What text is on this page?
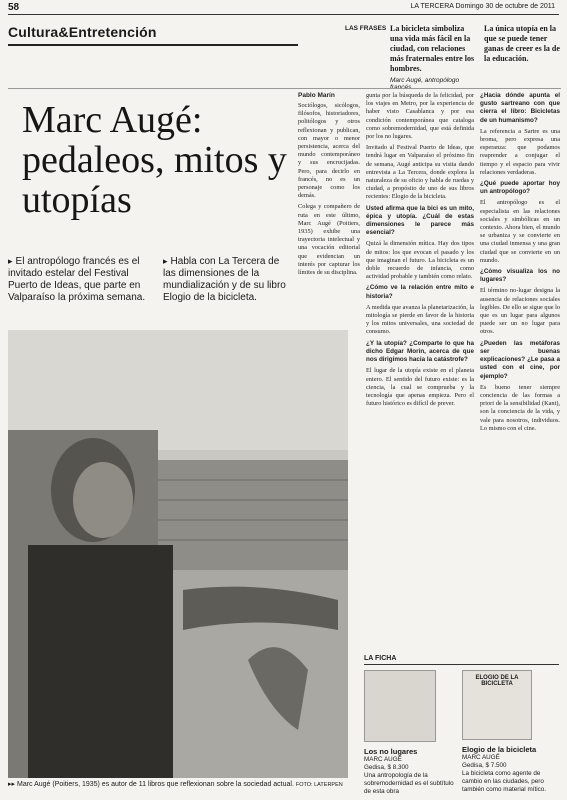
58	LA TERCERA Domingo 30 de octubre de 2011
Cultura&Entretención	LAS FRASES La bicicleta simboliza una vida más fácil en la ciudad, con relaciones más fraternales entre los hombres.
Marc Augé, antropólogo francés
La única utopía en la que se puede tener ganas de creer es la de la educación.
Marc Augé: pedaleos, mitos y utopías
▸ El antropólogo francés es el invitado estelar del Festival Puerto de Ideas, que parte en Valparaíso la próxima semana.
▸ Habla con La Tercera de las dimensiones de la mundialización y de su libro Elogio de la bicicleta.
Pablo Marín

Sociólogos, sicólogos, filósofos, historiadores, politólogos y otros reflexionan y publican, con mayor o menor persistencia, acerca del mundo contemporáneo y sus encrucijadas. Pero, para decirlo en francés, no es un personaje como los demás.

Colega y compañero de ruta en este último, Marc Augé (Poitiers, 1935) exhibe una trayectoria intelectual y una vocación editorial que evidencian un interés por capturar los límites de su disciplina.

gunta por la búsqueda de la felicidad, por los viajes en Metro, por la experiencia de haber visto Casablanca y por esa condición contemporánea que cataloga como sobremodernidad, que está definida por los no lugares.

Invitado al Festival Puerto de Ideas, que tendrá lugar en Valparaíso el próximo fin de semana, Augé anticipa su visita dando entrevista a La Tercera, donde explora la naturaleza de su oficio y habla de ruedas y ciudad, a propósito de uno de sus libros recientes: Elogio de la bicicleta.

Usted afirma que la bici es un mito, épica y utopía. ¿Cuál de estas dimensiones le parece más esencial?

Quizá la dimensión mítica. Hay dos tipos de mitos: los que evocan el pasado y los que imaginan el futuro. La bicicleta es un doble recuerdo de infancia, como actividad probable y también como relato.

¿Cómo ve la relación entre mito e historia?

A medida que avanza la planetarización, la mitología se pierde en favor de la historia y los mitos universales, una sociedad de consumo.

¿Y la utopía? ¿Comparte lo que ha dicho Edgar Morin, acerca de que nos dirigimos hacia la catástrofe?

El lugar de la utopía existe en el planeta entero. El sentido del futuro existe: es la ciencia, la cual se comprueba y la tecnología que apenas empieza. Pero el futuro histórico es difícil de prever.

¿Hacia dónde apunta el gusto sartreano con que cierra el libro: Bicicletas de un humanismo?

La referencia a Sartre es una broma, pero expresa una esperanza: que podamos reaprender a conjugar el tiempo y el espacio para vivir relaciones verdaderas.

¿Qué puede aportar hoy un antropólogo?

El antropólogo es el especialista en las relaciones sociales y simbólicas en un contexto. Ahora bien, el mundo se urbaniza y se convierte en una ciudad inmensa y una gran ciudad que se convierte en un mundo.

¿Cómo visualiza los no lugares?

El término no-lugar designa la ausencia de relaciones sociales legibles. De ello se sigue que lo que es un lugar para algunos puede ser un no lugar para otros.

¿Pueden las metáforas ser buenas explicaciones? ¿Le pasa a usted con el cine, por ejemplo?

Es bueno tener siempre conciencia de las formas a priori de la sensibilidad (Kant), son la conciencia de la vida, y vale para nosotros, individuos. Lo mismo con el cine.

▸▸ Marc Augé (Poitiers, 1935) es autor de 11 libros que reflexionan sobre la sociedad actual. FOTO: LATERPEN
LA FICHA
Los no lugares
MARC AUGÉ
Gedisa, $ 8.300
Una antropología de la sobremodernidad es el subtítulo de esta obra
ELOGIO DE LA BICICLETA
Elogio de la bicicleta
MARC AUGÉ
Gedisa, $ 7.500
La bicicleta como agente de cambio en las ciudades, pero también como material mítico.
